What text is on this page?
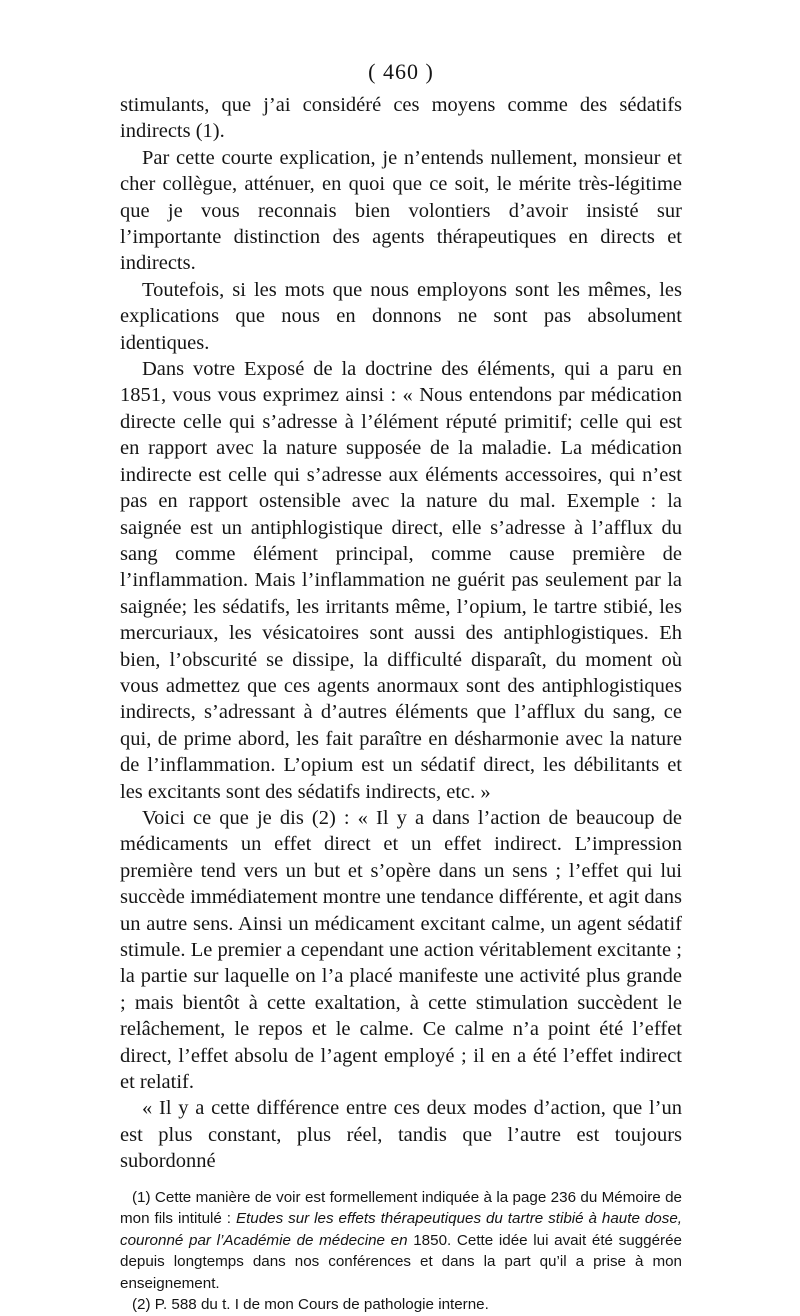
( 460 )

stimulants, que j’ai considéré ces moyens comme des sédatifs indirects (1).

Par cette courte explication, je n’entends nullement, monsieur et cher collègue, atténuer, en quoi que ce soit, le mérite très-légitime que je vous reconnais bien volontiers d’avoir insisté sur l’importante distinction des agents thérapeutiques en directs et indirects.

Toutefois, si les mots que nous employons sont les mêmes, les explications que nous en donnons ne sont pas absolument identiques.

Dans votre Exposé de la doctrine des éléments, qui a paru en 1851, vous vous exprimez ainsi : « Nous entendons par médication directe celle qui s’adresse à l’élément réputé primitif; celle qui est en rapport avec la nature supposée de la maladie. La médication indirecte est celle qui s’adresse aux éléments accessoires, qui n’est pas en rapport ostensible avec la nature du mal. Exemple : la saignée est un antiphlogistique direct, elle s’adresse à l’afflux du sang comme élément principal, comme cause première de l’inflammation. Mais l’inflammation ne guérit pas seulement par la saignée; les sédatifs, les irritants même, l’opium, le tartre stibié, les mercuriaux, les vésicatoires sont aussi des antiphlogistiques. Eh bien, l’obscurité se dissipe, la difficulté disparaît, du moment où vous admettez que ces agents anormaux sont des antiphlogistiques indirects, s’adressant à d’autres éléments que l’afflux du sang, ce qui, de prime abord, les fait paraître en désharmonie avec la nature de l’inflammation. L’opium est un sédatif direct, les débilitants et les excitants sont des sédatifs indirects, etc. »

Voici ce que je dis (2) : « Il y a dans l’action de beaucoup de médicaments un effet direct et un effet indirect. L’impression première tend vers un but et s’opère dans un sens ; l’effet qui lui succède immédiatement montre une tendance différente, et agit dans un autre sens. Ainsi un médicament excitant calme, un agent sédatif stimule. Le premier a cependant une action véritablement excitante ; la partie sur laquelle on l’a placé manifeste une activité plus grande ; mais bientôt à cette exaltation, à cette stimulation succèdent le relâchement, le repos et le calme. Ce calme n’a point été l’effet direct, l’effet absolu de l’agent employé ; il en a été l’effet indirect et relatif.

« Il y a cette différence entre ces deux modes d’action, que l’un est plus constant, plus réel, tandis que l’autre est toujours subordonné

(1) Cette manière de voir est formellement indiquée à la page 236 du Mémoire de mon fils intitulé : Etudes sur les effets thérapeutiques du tartre stibié à haute dose, couronné par l’Académie de médecine en 1850. Cette idée lui avait été suggérée depuis longtemps dans nos conférences et dans la part qu’il a prise à mon enseignement.

(2) P. 588 du t. I de mon Cours de pathologie interne.
